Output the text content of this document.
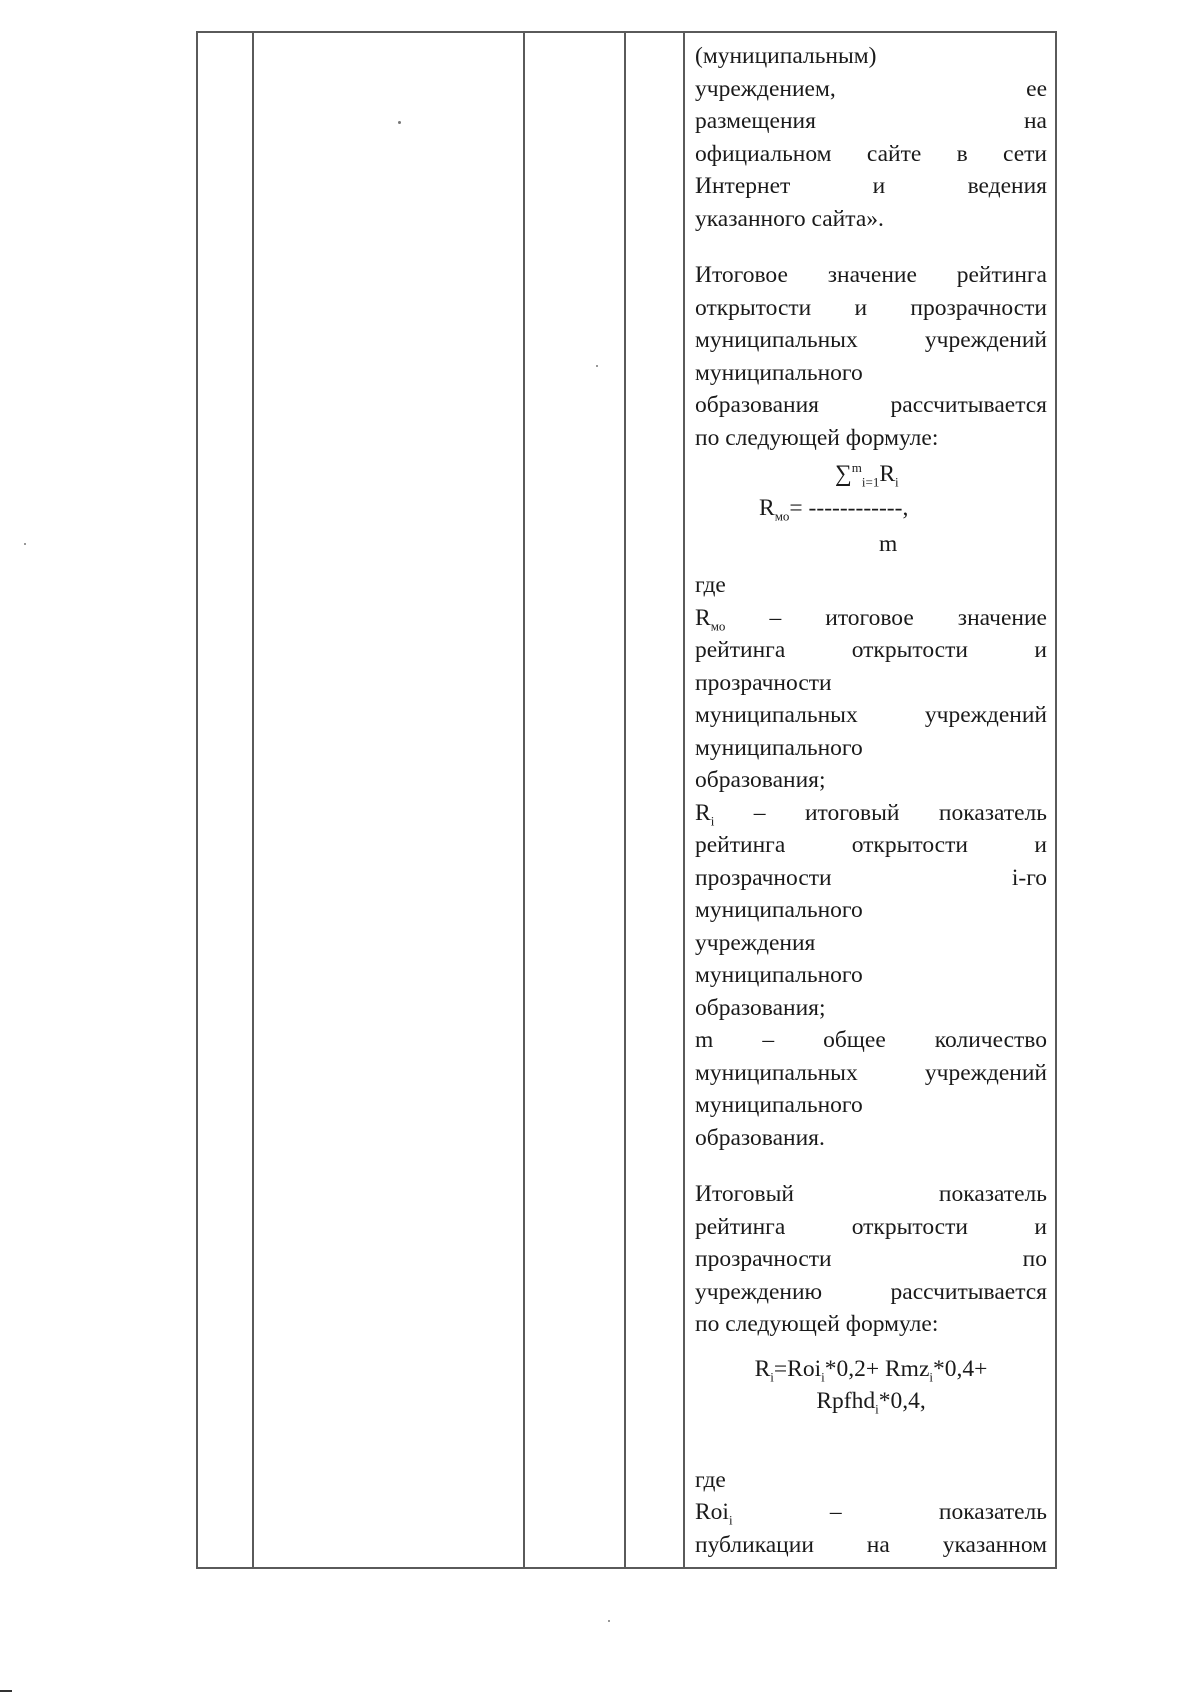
(муниципальным)
учреждением, ее
размещения на
официальном сайте в сети
Интернет и ведения
указанного сайта».
Итоговое значение рейтинга
открытости и прозрачности
муниципальных учреждений
муниципального
образования рассчитывается
по следующей формуле:
$\sum^m_{i=1}R_i$
$R_{мо}=$ ------------,
m
где
$R_{мо}$ – итоговое значение
рейтинга открытости и
прозрачности
муниципальных учреждений
муниципального
образования;
$R_i$ – итоговый показатель
рейтинга открытости и
прозрачности i-го
муниципального
учреждения
муниципального
образования;
m – общее количество
муниципальных учреждений
муниципального
образования.
Итоговый показатель
рейтинга открытости и
прозрачности по
учреждению рассчитывается
по следующей формуле:
$R_i=Roi_i*0,2+ Rmz_i*0,4+$
Rpfhd$_i$*0,4,
где
Roi$_i$ – показатель
публикации на указанном
